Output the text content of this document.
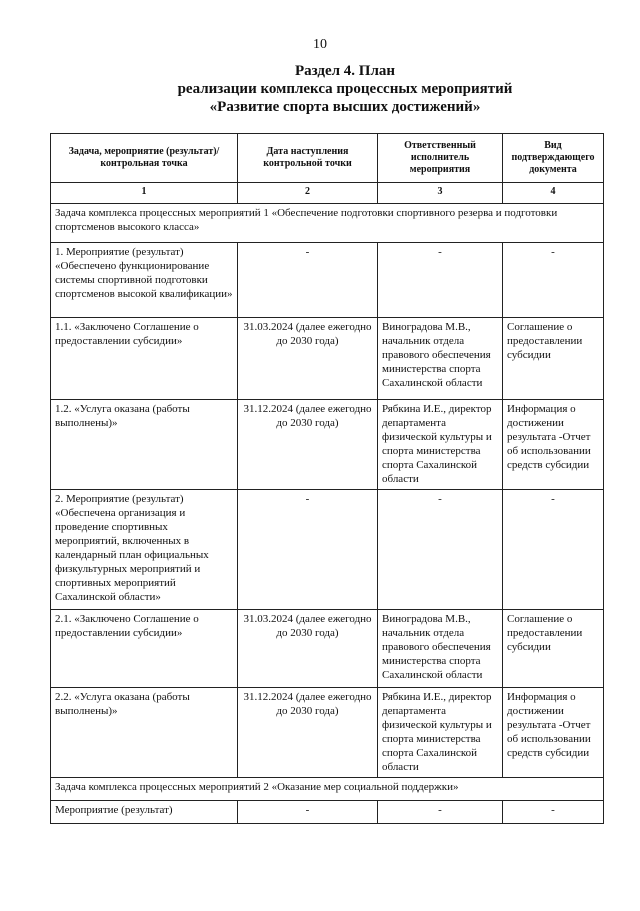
10
Раздел 4. План
реализации комплекса процессных мероприятий
«Развитие спорта высших достижений»
Задача, мероприятие (результат)/контрольная точка	Дата наступления контрольной точки	Ответственный исполнитель мероприятия	Вид подтверждающего документа
1	2	3	4
Задача комплекса процессных мероприятий 1 «Обеспечение подготовки спортивного резерва и подготовки спортсменов высокого класса»			
1. Мероприятие (результат) «Обеспечено функционирование системы спортивной подготовки спортсменов высокой квалификации»	-	-	-
1.1. «Заключено Соглашение о предоставлении субсидии»	31.03.2024 (далее ежегодно до 2030 года)	Виноградова М.В., начальник отдела правового обеспечения министерства спорта Сахалинской области	Соглашение о предоставлении субсидии
1.2. «Услуга оказана (работы выполнены)»	31.12.2024 (далее ежегодно до 2030 года)	Рябкина И.Е., директор департамента физической культуры и спорта министерства спорта Сахалинской области	Информация о достижении результата -Отчет об использовании средств субсидии
2. Мероприятие (результат) «Обеспечена организация и проведение спортивных мероприятий, включенных в календарный план официальных физкультурных мероприятий и спортивных мероприятий Сахалинской области»	-	-	-
2.1. «Заключено Соглашение о предоставлении субсидии»	31.03.2024 (далее ежегодно до 2030 года)	Виноградова М.В., начальник отдела правового обеспечения министерства спорта Сахалинской области	Соглашение о предоставлении субсидии
2.2. «Услуга оказана (работы выполнены)»	31.12.2024 (далее ежегодно до 2030 года)	Рябкина И.Е., директор департамента физической культуры и спорта министерства спорта Сахалинской области	Информация о достижении результата -Отчет об использовании средств субсидии
Задача комплекса процессных мероприятий 2 «Оказание мер социальной поддержки»			
Мероприятие (результат)	-	-	-
